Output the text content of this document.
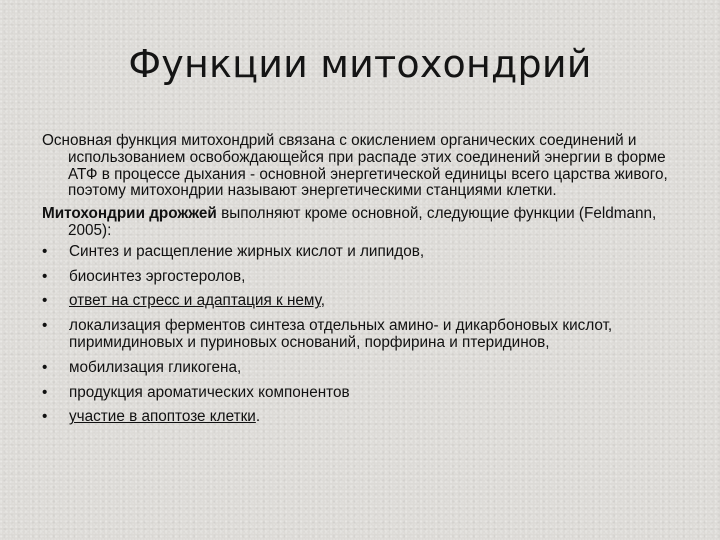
Функции митохондрий

Основная функция митохондрий связана с окислением органических соединений и использованием освобождающейся при распаде этих соединений энергии в форме АТФ в процессе дыхания - основной энергетической единицы всего царства живого, поэтому митохондрии называют энергетическими станциями клетки.

Митохондрии дрожжей выполняют кроме основной, следующие функции (Feldmann, 2005):

•	Синтез и расщепление жирных кислот и липидов,
•	биосинтез эргостеролов,
•	ответ на стресс и адаптация к нему,
•	локализация ферментов синтеза отдельных амино- и дикарбоновых кислот, пиримидиновых и пуриновых оснований, порфирина и птеридинов,
•	мобилизация гликогена,
•	продукция ароматических компонентов
•	участие в апоптозе клетки.
